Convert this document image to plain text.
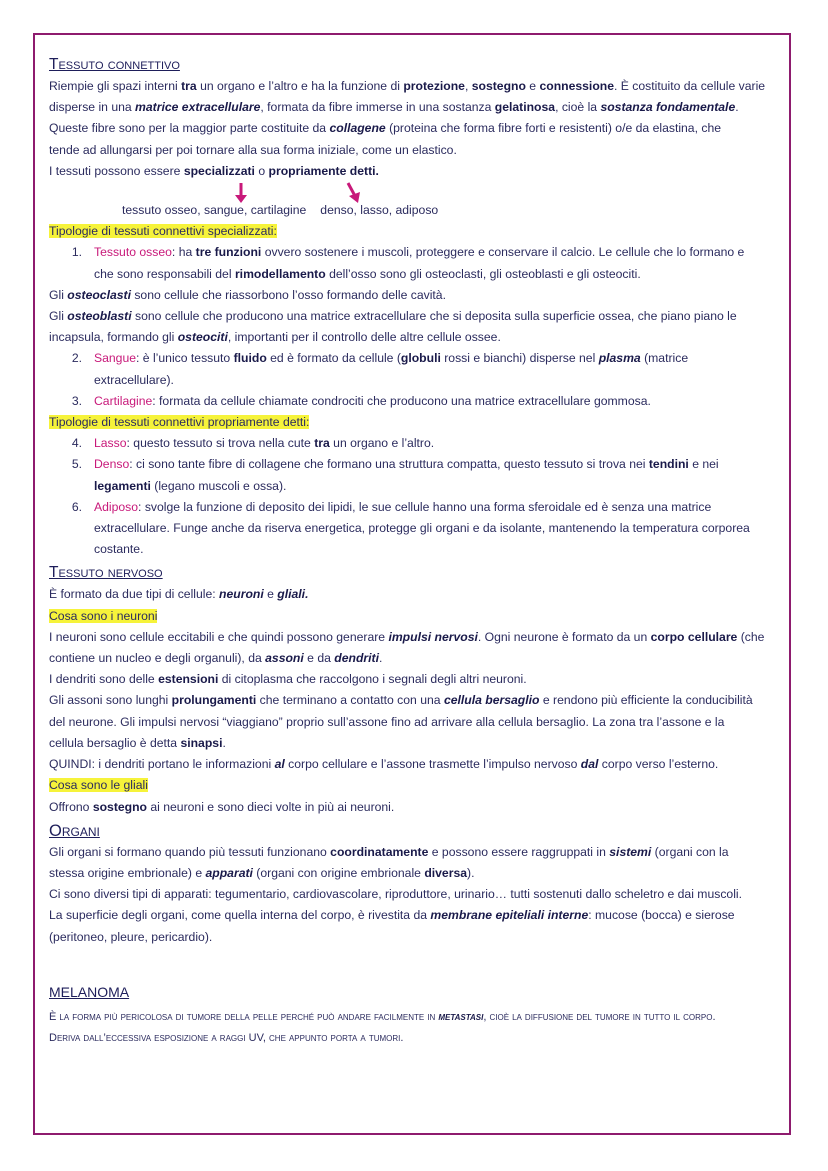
Tessuto connettivo

Riempie gli spazi interni tra un organo e l’altro e ha la funzione di protezione, sostegno e connessione. È costituito da cellule varie

disperse in una matrice extracellulare, formata da fibre immerse in una sostanza gelatinosa, cioè la sostanza fondamentale.

Queste fibre sono per la maggior parte costituite da collagene (proteina che forma fibre forti e resistenti) o/e da elastina, che

tende ad allungarsi per poi tornare alla sua forma iniziale, come un elastico.

I tessuti possono essere specializzati o propriamente detti.

tessuto osseo, sangue, cartilagine denso, lasso, adiposo

Tipologie di tessuti connettivi specializzati:

1. Tessuto osseo: ha tre funzioni ovvero sostenere i muscoli, proteggere e conservare il calcio. Le cellule che lo formano e
che sono responsabili del rimodellamento dell’osso sono gli osteoclasti, gli osteoblasti e gli osteociti.

Gli osteoclasti sono cellule che riassorbono l’osso formando delle cavità.

Gli osteoblasti sono cellule che producono una matrice extracellulare che si deposita sulla superficie ossea, che piano piano le

incapsula, formando gli osteociti, importanti per il controllo delle altre cellule ossee.

2. Sangue: è l’unico tessuto fluido ed è formato da cellule (globuli rossi e bianchi) disperse nel plasma (matrice
extracellulare).
3. Cartilagine: formata da cellule chiamate condrociti che producono una matrice extracellulare gommosa.

Tipologie di tessuti connettivi propriamente detti:

4. Lasso: questo tessuto si trova nella cute tra un organo e l’altro.
5. Denso: ci sono tante fibre di collagene che formano una struttura compatta, questo tessuto si trova nei tendini e nei
legamenti (legano muscoli e ossa).
6. Adiposo: svolge la funzione di deposito dei lipidi, le sue cellule hanno una forma sferoidale ed è senza una matrice
extracellulare. Funge anche da riserva energetica, protegge gli organi e da isolante, mantenendo la temperatura corporea
costante.
Tessuto nervoso

È formato da due tipi di cellule: neuroni e gliali.

Cosa sono i neuroni

I neuroni sono cellule eccitabili e che quindi possono generare impulsi nervosi. Ogni neurone è formato da un corpo cellulare (che

contiene un nucleo e degli organuli), da assoni e da dendriti.

I dendriti sono delle estensioni di citoplasma che raccolgono i segnali degli altri neuroni.

Gli assoni sono lunghi prolungamenti che terminano a contatto con una cellula bersaglio e rendono più efficiente la conducibilità

del neurone. Gli impulsi nervosi “viaggiano” proprio sull’assone fino ad arrivare alla cellula bersaglio. La zona tra l’assone e la

cellula bersaglio è detta sinapsi.

QUINDI: i dendriti portano le informazioni al corpo cellulare e l’assone trasmette l’impulso nervoso dal corpo verso l’esterno.

Cosa sono le gliali

Offrono sostegno ai neuroni e sono dieci volte in più ai neuroni.

Organi

Gli organi si formano quando più tessuti funzionano coordinatamente e possono essere raggruppati in sistemi (organi con la

stessa origine embrionale) e apparati (organi con origine embrionale diversa).

Ci sono diversi tipi di apparati: tegumentario, cardiovascolare, riproduttore, urinario… tutti sostenuti dallo scheletro e dai muscoli.

La superficie degli organi, come quella interna del corpo, è rivestita da membrane epiteliali interne: mucose (bocca) e sierose

(peritoneo, pleure, pericardio).

MELANOMA

È la forma più pericolosa di tumore della pelle perché può andare facilmente in metastasi, cioè la diffusione del tumore in tutto il corpo.

Deriva dall’eccessiva esposizione a raggi UV, che appunto porta a tumori.
